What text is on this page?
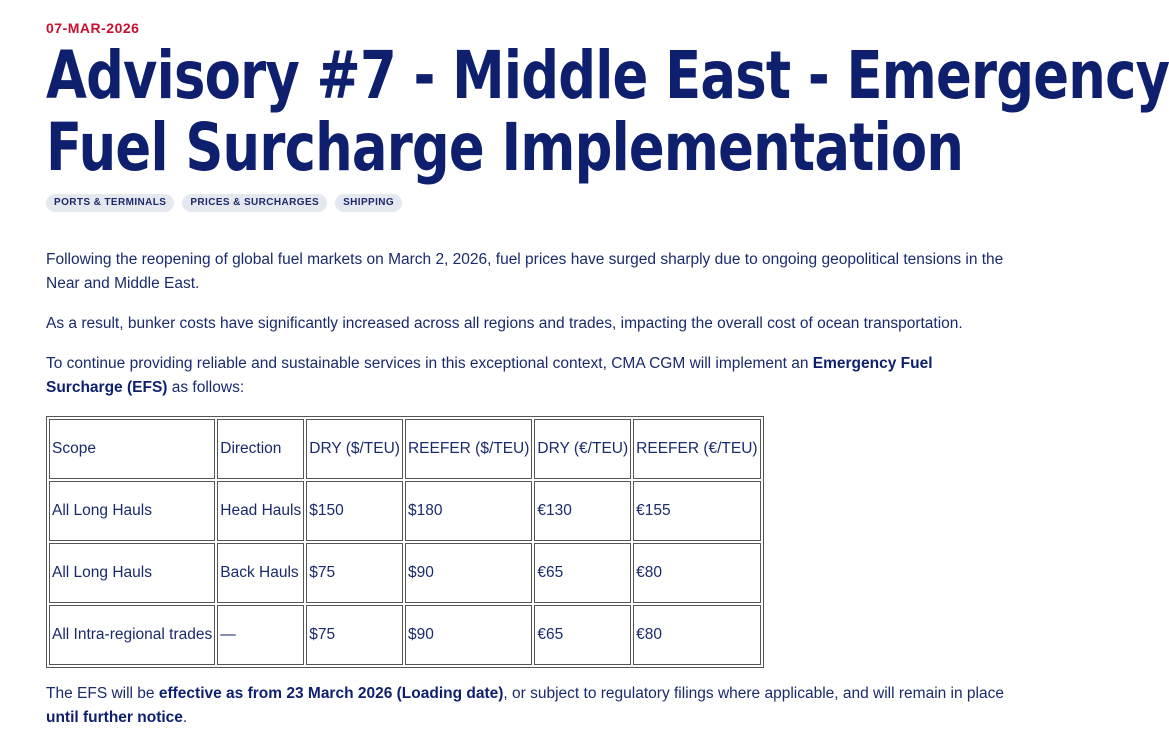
07-MAR-2026
Advisory #7 - Middle East - Emergency
Fuel Surcharge Implementation
PORTS & TERMINALS	PRICES & SURCHARGES	SHIPPING

Following the reopening of global fuel markets on March 2, 2026, fuel prices have surged sharply due to ongoing geopolitical tensions in the Near and Middle East.

As a result, bunker costs have significantly increased across all regions and trades, impacting the overall cost of ocean transportation.

To continue providing reliable and sustainable services in this exceptional context, CMA CGM will implement an Emergency Fuel Surcharge (EFS) as follows:

Scope	Direction	DRY ($/TEU)	REEFER ($/TEU)	DRY (€/TEU)	REEFER (€/TEU)
All Long Hauls	Head Hauls	$150	$180	€130	€155
All Long Hauls	Back Hauls	$75	$90	€65	€80
All Intra-regional trades	—	$75	$90	€65	€80

The EFS will be effective as from 23 March 2026 (Loading date), or subject to regulatory filings where applicable, and will remain in place until further notice.
